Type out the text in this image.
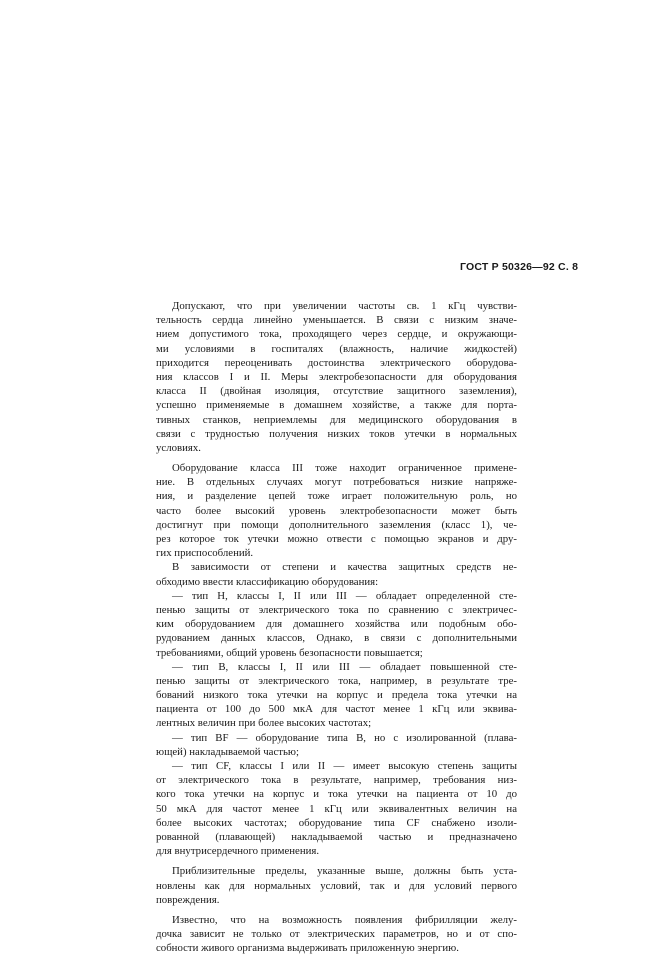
ГОСТ Р 50326—92 С. 8
Допускают, что при увеличении частоты св. 1 кГц чувстви-
тельность сердца линейно уменьшается. В связи с низким значе-
нием допустимого тока, проходящего через сердце, и окружающи-
ми условиями в госпиталях (влажность, наличие жидкостей)
приходится переоценивать достоинства электрического оборудова-
ния классов I и II. Меры электробезопасности для оборудования
класса II (двойная изоляция, отсутствие защитного заземления),
успешно применяемые в домашнем хозяйстве, а также для порта-
тивных станков, неприемлемы для медицинского оборудования в
связи с трудностью получения низких токов утечки в нормальных
условиях.
Оборудование класса III тоже находит ограниченное примене-
ние. В отдельных случаях могут потребоваться низкие напряже-
ния, и разделение цепей тоже играет положительную роль, но
часто более высокий уровень электробезопасности может быть
достигнут при помощи дополнительного заземления (класс 1), че-
рез которое ток утечки можно отвести с помощью экранов и дру-
гих приспособлений.
В зависимости от степени и качества защитных средств не-
обходимо ввести классификацию оборудования:
— тип Н, классы I, II или III — обладает определенной сте-
пенью защиты от электрического тока по сравнению с электричес-
ким оборудованием для домашнего хозяйства или подобным обо-
рудованием данных классов, Однако, в связи с дополнительными
требованиями, общий уровень безопасности повышается;
— тип В, классы I, II или III — обладает повышенной сте-
пенью защиты от электрического тока, например, в результате тре-
бований низкого тока утечки на корпус и предела тока утечки на
пациента от 100 до 500 мкА для частот менее 1 кГц или эквива-
лентных величин при более высоких частотах;
— тип BF — оборудование типа В, но с изолированной (плава-
ющей) накладываемой частью;
— тип CF, классы I или II — имеет высокую степень защиты
от электрического тока в результате, например, требования низ-
кого тока утечки на корпус и тока утечки на пациента от 10 до
50 мкА для частот менее 1 кГц или эквивалентных величин на
более высоких частотах; оборудование типа CF снабжено изоли-
рованной (плавающей) накладываемой частью и предназначено
для внутрисердечного применения.
Приблизительные пределы, указанные выше, должны быть уста-
новлены как для нормальных условий, так и для условий первого
повреждения.
Известно, что на возможность появления фибрилляции желу-
дочка зависит не только от электрических параметров, но и от спо-
собности живого организма выдерживать приложенную энергию.
